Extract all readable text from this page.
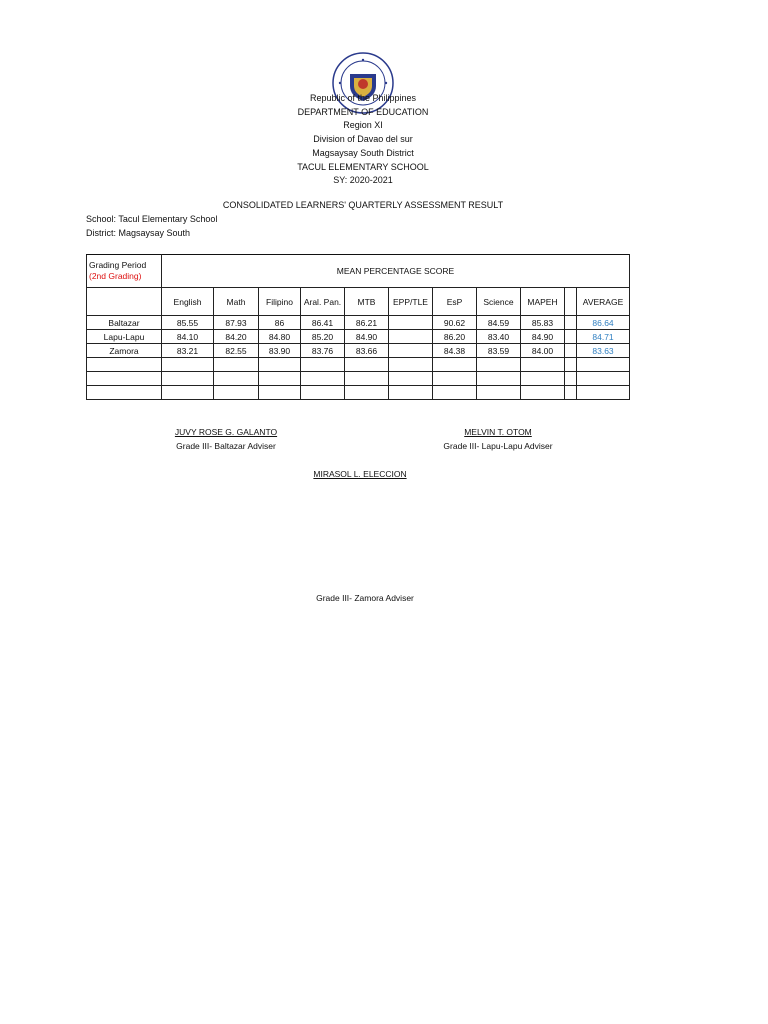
Republic of the Philippines
DEPARTMENT OF EDUCATION
Region XI
Division of Davao del sur
Magsaysay South District
TACUL ELEMENTARY SCHOOL
SY: 2020-2021
CONSOLIDATED LEARNERS' QUARTERLY ASSESSMENT RESULT
School: Tacul Elementary School
District: Magsaysay South
Grading Period
(2nd Grading)	MEAN PERCENTAGE SCORE										
	English	Math	Filipino	Aral. Pan.	MTB	EPP/TLE	EsP	Science	MAPEH		AVERAGE
Baltazar	85.55	87.93	86	86.41	86.21		90.62	84.59	85.83		86.64
Lapu-Lapu	84.10	84.20	84.80	85.20	84.90		86.20	83.40	84.90		84.71
Zamora	83.21	82.55	83.90	83.76	83.66		84.38	83.59	84.00		83.63

JUVY ROSE G. GALANTO
Grade III- Baltazar Adviser
MELVIN T. OTOM
Grade III- Lapu-Lapu Adviser
MIRASOL L. ELECCION
Grade III- Zamora Adviser
